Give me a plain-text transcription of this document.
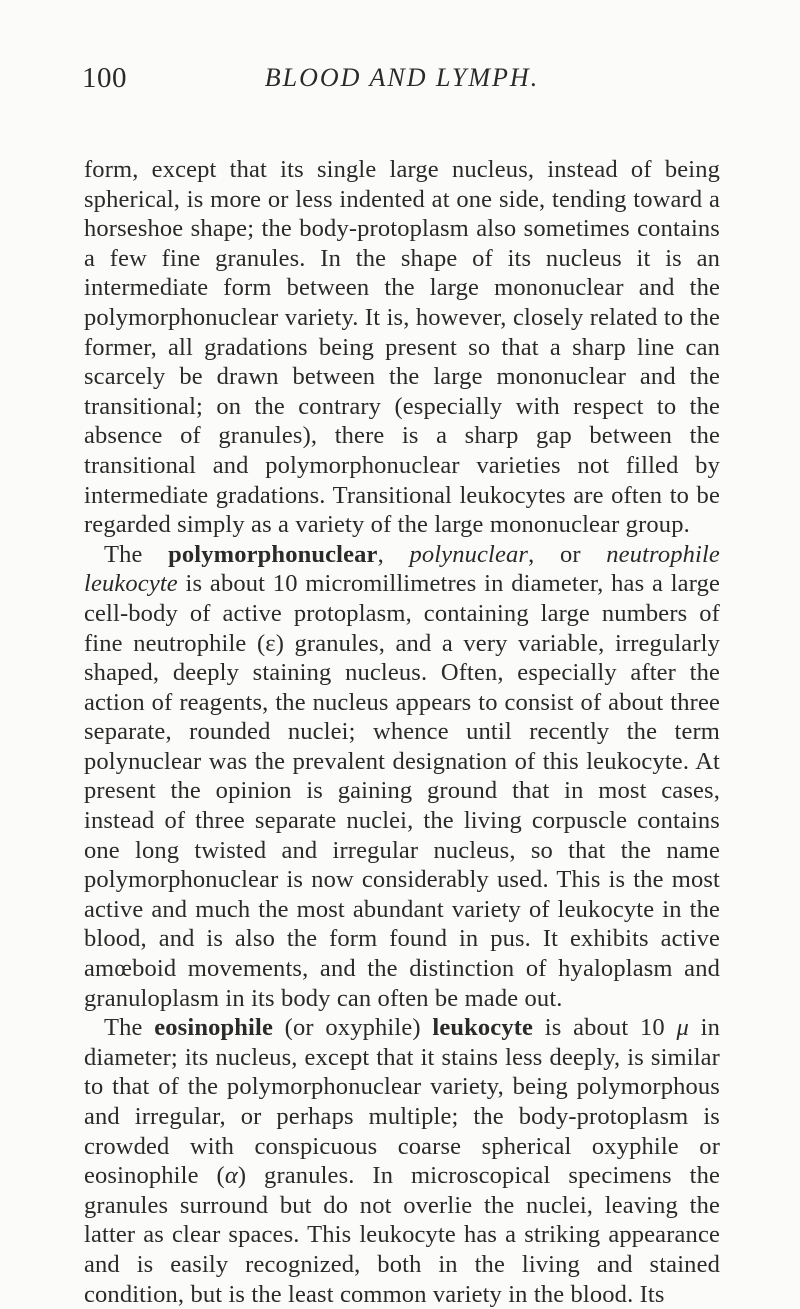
100	BLOOD AND LYMPH.

form, except that its single large nucleus, instead of being spherical, is more or less indented at one side, tending toward a horseshoe shape; the body-protoplasm also sometimes contains a few fine granules. In the shape of its nucleus it is an intermediate form between the large mononuclear and the polymorphonuclear variety. It is, however, closely related to the former, all gradations being present so that a sharp line can scarcely be drawn between the large mononuclear and the transitional; on the contrary (especially with respect to the absence of granules), there is a sharp gap between the transitional and polymorphonuclear varieties not filled by intermediate gradations. Transitional leukocytes are often to be regarded simply as a variety of the large mononuclear group.

The polymorphonuclear, polynuclear, or neutrophile leukocyte is about 10 micromillimetres in diameter, has a large cell-body of active protoplasm, containing large numbers of fine neutrophile (ε) granules, and a very variable, irregularly shaped, deeply staining nucleus. Often, especially after the action of reagents, the nucleus appears to consist of about three separate, rounded nuclei; whence until recently the term polynuclear was the prevalent designation of this leukocyte. At present the opinion is gaining ground that in most cases, instead of three separate nuclei, the living corpuscle contains one long twisted and irregular nucleus, so that the name polymorphonuclear is now considerably used. This is the most active and much the most abundant variety of leukocyte in the blood, and is also the form found in pus. It exhibits active amœboid movements, and the distinction of hyaloplasm and granuloplasm in its body can often be made out.

The eosinophile (or oxyphile) leukocyte is about 10 μ in diameter; its nucleus, except that it stains less deeply, is similar to that of the polymorphonuclear variety, being polymorphous and irregular, or perhaps multiple; the body-protoplasm is crowded with conspicuous coarse spherical oxyphile or eosinophile (α) granules. In microscopical specimens the granules surround but do not overlie the nuclei, leaving the latter as clear spaces. This leukocyte has a striking appearance and is easily recognized, both in the living and stained condition, but is the least common variety in the blood. Its
